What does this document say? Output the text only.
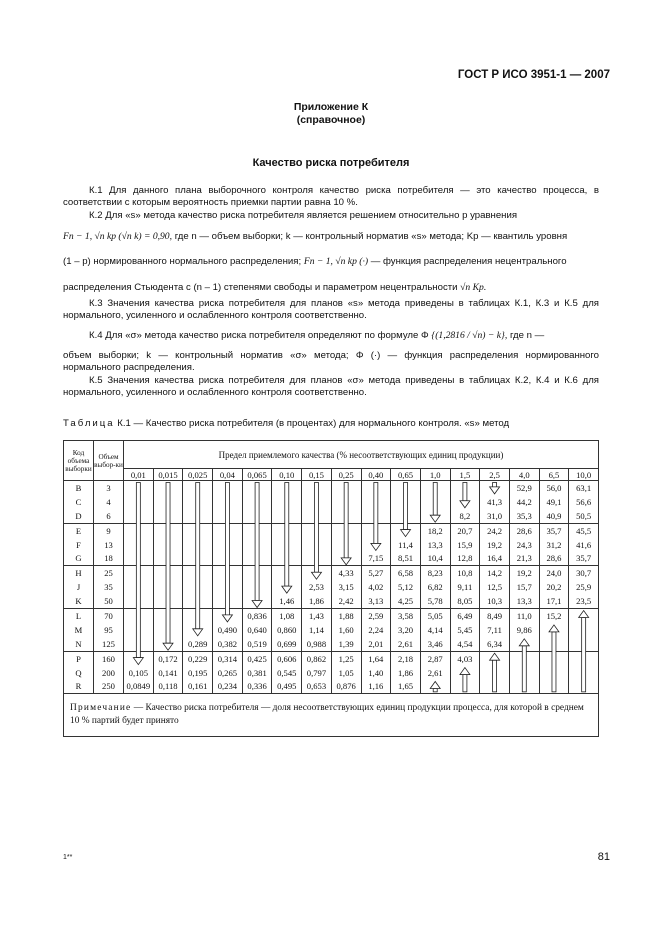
ГОСТ Р ИСО 3951-1 — 2007
Приложение К
(справочное)
Качество риска потребителя
К.1 Для данного плана выборочного контроля качество риска потребителя — это качество процесса, в соответствии с которым вероятность приемки партии равна 10 %.
К.2 Для «s» метода качество риска потребителя является решением относительно p уравнения
Fn − 1, √n kp (√n k) = 0,90, где n — объем выборки; k — контрольный норматив «s» метода; Kp — квантиль уровня
(1 – p) нормированного нормального распределения; Fn − 1, √n kp (·) — функция распределения нецентрального
распределения Стьюдента с (n – 1) степенями свободы и параметром нецентральности √n Kp.
К.3 Значения качества риска потребителя для планов «s» метода приведены в таблицах К.1, К.3 и К.5 для нормального, усиленного и ослабленного контроля соответственно.
К.4 Для «σ» метода качество риска потребителя определяют по формуле Φ {(1,2816 / √n) − k}, где n —
объем выборки; k — контрольный норматив «σ» метода; Φ (·) — функция распределения нормированного нормального распределения.
К.5 Значения качества риска потребителя для планов «σ» метода приведены в таблицах К.2, К.4 и К.6 для нормального, усиленного и ослабленного контроля соответственно.
Таблица К.1 — Качество риска потребителя (в процентах) для нормального контроля. «s» метод
Код объема выборки	Объем выбор-ки	Предел приемлемого качества (% несоответствующих единиц продукции)															
		0,01	0,015	0,025	0,04	0,065	0,10	0,15	0,25	0,40	0,65	1,0	1,5	2,5	4,0	6,5	10,0
B	3														52,9	56,0	63,1
C	4													41,3	44,2	49,1	56,6
D	6												8,2	31,0	35,3	40,9	50,5
E	9											18,2	20,7	24,2	28,6	35,7	45,5
F	13										11,4	13,3	15,9	19,2	24,3	31,2	41,6
G	18									7,15	8,51	10,4	12,8	16,4	21,3	28,6	35,7
H	25								4,33	5,27	6,58	8,23	10,8	14,2	19,2	24,0	30,7
J	35							2,53	3,15	4,02	5,12	6,82	9,11	12,5	15,7	20,2	25,9
K	50						1,46	1,86	2,42	3,13	4,25	5,78	8,05	10,3	13,3	17,1	23,5
L	70					0,836	1,08	1,43	1,88	2,59	3,58	5,05	6,49	8,49	11,0	15,2	
M	95				0,490	0,640	0,860	1,14	1,60	2,24	3,20	4,14	5,45	7,11	9,86		
N	125			0,289	0,382	0,519	0,699	0,988	1,39	2,01	2,61	3,46	4,54	6,34			
P	160		0,172	0,229	0,314	0,425	0,606	0,862	1,25	1,64	2,18	2,87	4,03				
Q	200	0,105	0,141	0,195	0,265	0,381	0,545	0,797	1,05	1,40	1,86	2,61					
R	250	0,0849	0,118	0,161	0,234	0,336	0,495	0,653	0,876	1,16	1,65						
Примечание — Качество риска потребителя — доля несоответствующих единиц продукции процесса, для которой в среднем 10 % партий будет принято																	
1**	81
